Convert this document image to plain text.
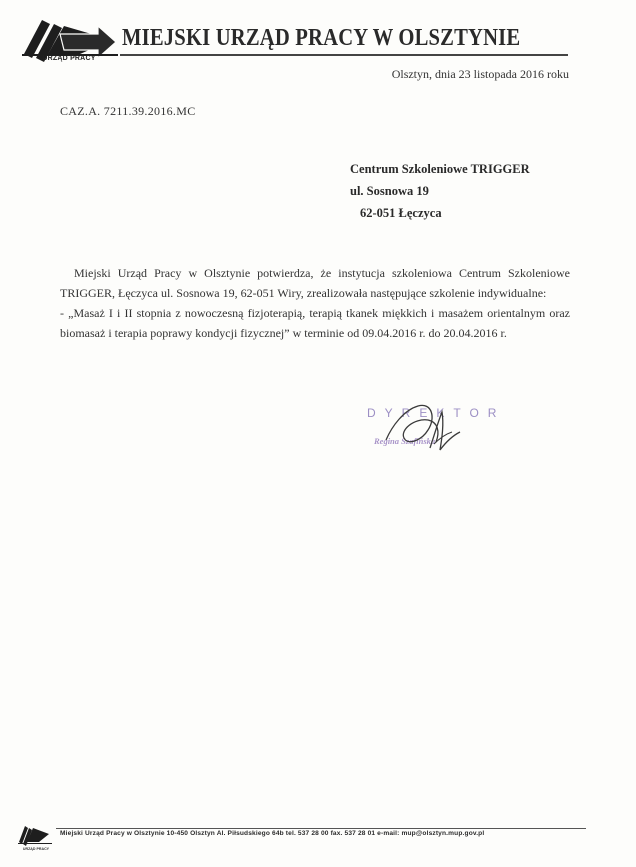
URZĄD PRACY
MIEJSKI URZĄD PRACY W OLSZTYNIE
Olsztyn, dnia 23 listopada 2016 roku
CAZ.A. 7211.39.2016.MC
Centrum Szkoleniowe TRIGGER
ul. Sosnowa 19
62-051 Łęczyca

Miejski Urząd Pracy w Olsztynie potwierdza, że instytucja szkoleniowa Centrum Szkoleniowe TRIGGER, Łęczyca ul. Sosnowa 19, 62-051 Wiry, zrealizowała następujące szkolenie indywidualne:

- „Masaż I i II stopnia z nowoczesną fizjoterapią, terapią tkanek miękkich i masażem orientalnym oraz biomasaż i terapia poprawy kondycji fizycznej” w terminie od 09.04.2016 r. do 20.04.2016 r.

DYREKTOR
Regina Szafińska
URZĄD PRACY
Miejski Urząd Pracy w Olsztynie 10-450 Olsztyn Al. Piłsudskiego 64b tel. 537 28 00 fax. 537 28 01 e-mail: mup@olsztyn.mup.gov.pl
